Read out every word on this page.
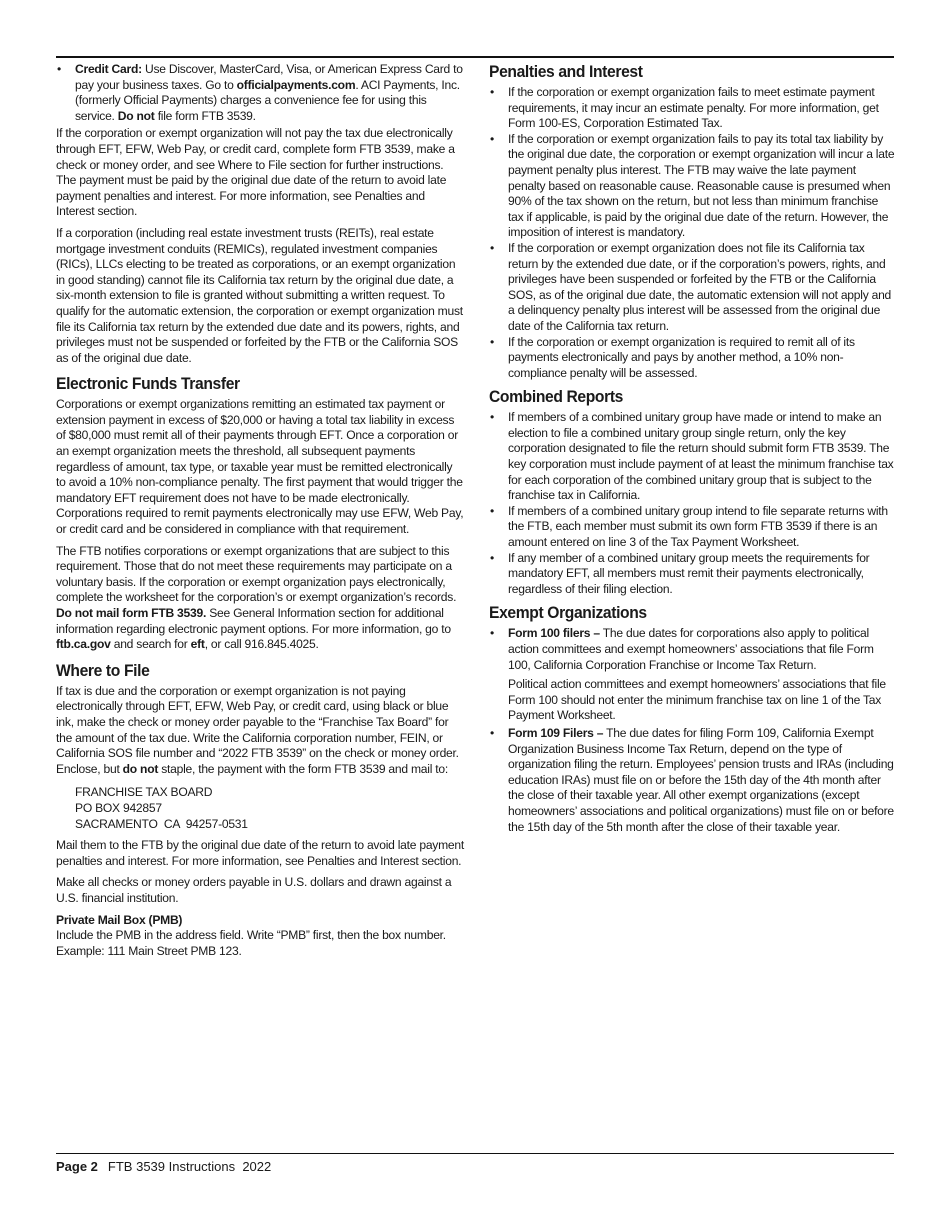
• Credit Card: Use Discover, MasterCard, Visa, or American Express Card to pay your business taxes. Go to officialpayments.com. ACI Payments, Inc. (formerly Official Payments) charges a convenience fee for using this service. Do not file form FTB 3539.

If the corporation or exempt organization will not pay the tax due electronically through EFT, EFW, Web Pay, or credit card, complete form FTB 3539, make a check or money order, and see Where to File section for further instructions. The payment must be paid by the original due date of the return to avoid late payment penalties and interest. For more information, see Penalties and Interest section.

If a corporation (including real estate investment trusts (REITs), real estate mortgage investment conduits (REMICs), regulated investment companies (RICs), LLCs electing to be treated as corporations, or an exempt organization in good standing) cannot file its California tax return by the original due date, a six-month extension to file is granted without submitting a written request. To qualify for the automatic extension, the corporation or exempt organization must file its California tax return by the extended due date and its powers, rights, and privileges must not be suspended or forfeited by the FTB or the California SOS as of the original due date.

Electronic Funds Transfer

Corporations or exempt organizations remitting an estimated tax payment or extension payment in excess of $20,000 or having a total tax liability in excess of $80,000 must remit all of their payments through EFT. Once a corporation or an exempt organization meets the threshold, all subsequent payments regardless of amount, tax type, or taxable year must be remitted electronically to avoid a 10% non-compliance penalty. The first payment that would trigger the mandatory EFT requirement does not have to be made electronically. Corporations required to remit payments electronically may use EFW, Web Pay, or credit card and be considered in compliance with that requirement.

The FTB notifies corporations or exempt organizations that are subject to this requirement. Those that do not meet these requirements may participate on a voluntary basis. If the corporation or exempt organization pays electronically, complete the worksheet for the corporation’s or exempt organization’s records. Do not mail form FTB 3539. See General Information section for additional information regarding electronic payment options. For more information, go to ftb.ca.gov and search for eft, or call 916.845.4025.

Where to File

If tax is due and the corporation or exempt organization is not paying electronically through EFT, EFW, Web Pay, or credit card, using black or blue ink, make the check or money order payable to the “Franchise Tax Board” for the amount of the tax due. Write the California corporation number, FEIN, or California SOS file number and “2022 FTB 3539” on the check or money order. Enclose, but do not staple, the payment with the form FTB 3539 and mail to:

FRANCHISE TAX BOARD
PO BOX 942857
SACRAMENTO  CA  94257-0531

Mail them to the FTB by the original due date of the return to avoid late payment penalties and interest. For more information, see Penalties and Interest section.

Make all checks or money orders payable in U.S. dollars and drawn against a U.S. financial institution.

Private Mail Box (PMB)

Include the PMB in the address field. Write “PMB” first, then the box number. Example: 111 Main Street PMB 123.

Penalties and Interest
• If the corporation or exempt organization fails to meet estimate payment requirements, it may incur an estimate penalty. For more information, get Form 100-ES, Corporation Estimated Tax.
• If the corporation or exempt organization fails to pay its total tax liability by the original due date, the corporation or exempt organization will incur a late payment penalty plus interest. The FTB may waive the late payment penalty based on reasonable cause. Reasonable cause is presumed when 90% of the tax shown on the return, but not less than minimum franchise tax if applicable, is paid by the original due date of the return. However, the imposition of interest is mandatory.
• If the corporation or exempt organization does not file its California tax return by the extended due date, or if the corporation’s powers, rights, and privileges have been suspended or forfeited by the FTB or the California SOS, as of the original due date, the automatic extension will not apply and a delinquency penalty plus interest will be assessed from the original due date of the California tax return.
• If the corporation or exempt organization is required to remit all of its payments electronically and pays by another method, a 10% non-compliance penalty will be assessed.
Combined Reports
• If members of a combined unitary group have made or intend to make an election to file a combined unitary group single return, only the key corporation designated to file the return should submit form FTB 3539. The key corporation must include payment of at least the minimum franchise tax for each corporation of the combined unitary group that is subject to the franchise tax in California.
• If members of a combined unitary group intend to file separate returns with the FTB, each member must submit its own form FTB 3539 if there is an amount entered on line 3 of the Tax Payment Worksheet.
• If any member of a combined unitary group meets the requirements for mandatory EFT, all members must remit their payments electronically, regardless of their filing election.
Exempt Organizations
• Form 100 filers – The due dates for corporations also apply to political action committees and exempt homeowners’ associations that file Form 100, California Corporation Franchise or Income Tax Return.

Political action committees and exempt homeowners’ associations that file Form 100 should not enter the minimum franchise tax on line 1 of the Tax Payment Worksheet.

• Form 109 Filers – The due dates for filing Form 109, California Exempt Organization Business Income Tax Return, depend on the type of organization filing the return. Employees’ pension trusts and IRAs (including education IRAs) must file on or before the 15th day of the 4th month after the close of their taxable year. All other exempt organizations (except homeowners’ associations and political organizations) must file on or before the 15th day of the 5th month after the close of their taxable year.
Page 2 FTB 3539 Instructions  2022
